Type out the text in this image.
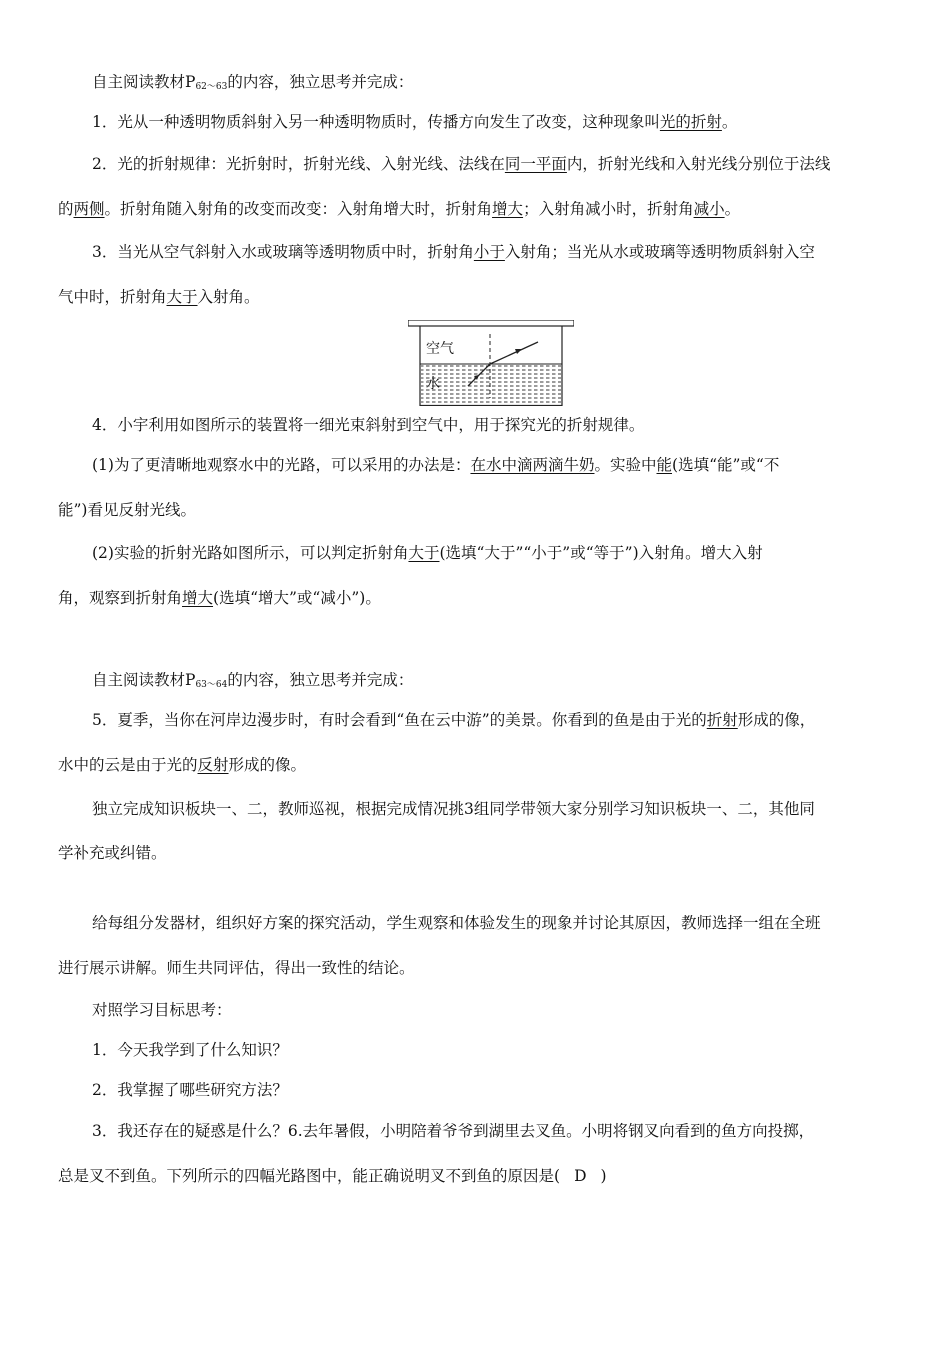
自主阅读教材$P_{62\sim 63}$的内容，独立思考并完成：
1．光从一种透明物质斜射入另一种透明物质时，传播方向发生了改变，这种现象叫光的折射。
2．光的折射规律：光折射时，折射光线、入射光线、法线在同一平面内，折射光线和入射光线分别位于法线
的两侧。折射角随入射角的改变而改变：入射角增大时，折射角增大；入射角减小时，折射角减小。
3．当光从空气斜射入水或玻璃等透明物质中时，折射角小于入射角；当光从水或玻璃等透明物质斜射入空
气中时，折射角大于入射角。
空气
水
4．小宇利用如图所示的装置将一细光束斜射到空气中，用于探究光的折射规律。
(1)为了更清晰地观察水中的光路，可以采用的办法是：在水中滴两滴牛奶。实验中能(选填“能”或“不
能”)看见反射光线。
(2)实验的折射光路如图所示，可以判定折射角大于(选填“大于”“小于”或“等于”)入射角。增大入射
角，观察到折射角增大(选填“增大”或“减小”)。
自主阅读教材$P_{63\sim 64}$的内容，独立思考并完成：
5．夏季，当你在河岸边漫步时，有时会看到“鱼在云中游”的美景。你看到的鱼是由于光的折射形成的像，
水中的云是由于光的反射形成的像。
独立完成知识板块一、二，教师巡视，根据完成情况挑3组同学带领大家分别学习知识板块一、二，其他同
学补充或纠错。
给每组分发器材，组织好方案的探究活动，学生观察和体验发生的现象并讨论其原因，教师选择一组在全班
进行展示讲解。师生共同评估，得出一致性的结论。
对照学习目标思考：
1．今天我学到了什么知识？
2．我掌握了哪些研究方法？
3．我还存在的疑惑是什么？6.去年暑假，小明陪着爷爷到湖里去叉鱼。小明将钢叉向看到的鱼方向投掷，
总是叉不到鱼。下列所示的四幅光路图中，能正确说明叉不到鱼的原因是( D )
